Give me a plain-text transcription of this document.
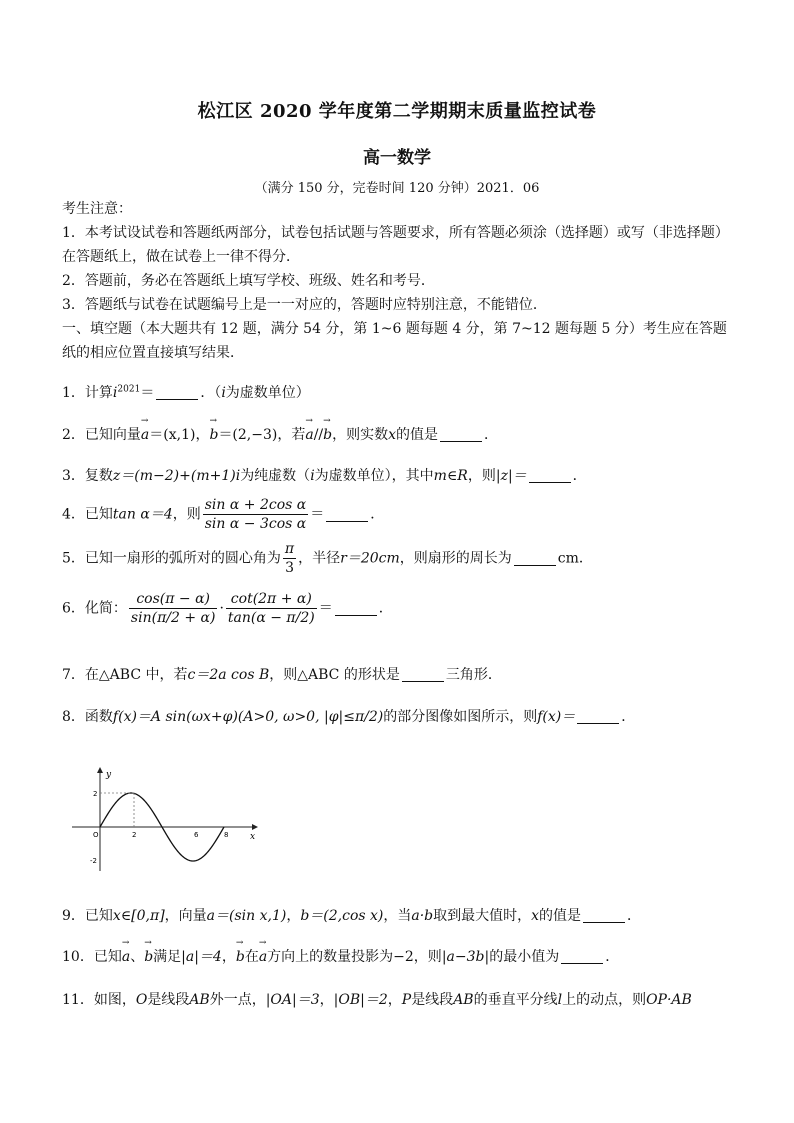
松江区 2020 学年度第二学期期末质量监控试卷
高一数学
（满分 150 分，完卷时间 120 分钟）2021．06
考生注意：
1．本考试设试卷和答题纸两部分，试卷包括试题与答题要求，所有答题必须涂（选择题）或写（非选择题）在答题纸上，做在试卷上一律不得分．
2．答题前，务必在答题纸上填写学校、班级、姓名和考号．
3．答题纸与试卷在试题编号上是一一对应的，答题时应特别注意，不能错位．
一、填空题（本大题共有 12 题，满分 54 分，第 1~6 题每题 4 分，第 7~12 题每题 5 分）考生应在答题纸的相应位置直接填写结果．
1．计算$i^{2021}=$	．（i为虚数单位）
2．已知向量→ a＝(x,1)，→ b＝(2,−3)，若→ a//→ b，则实数x的值是	．
3．复数z＝(m−2)+(m+1)i为纯虚数（i为虚数单位），其中m∈R，则|z|＝	．
4．已知tan α＝4，则 $\frac{\text{sin α + 2cos α}}{\text{sin α − 3cos α}}$ ＝	．
5．已知一扇形的弧所对的圆心角为 $\frac{\pi}{3}$ ，半径r＝20cm，则扇形的周长为	cm．
6．化简： $\frac{\cos(\pi - \alpha)}{\sin(\pi/2 + \alpha)} \cdot \frac{\cot(2\pi + \alpha)}{\tan(\alpha - \pi/2)}$ ＝	．
7．在△ABC 中，若c＝2a cos B，则△ABC 的形状是	三角形．
8．函数f(x)＝A sin(ωx+φ)(A>0, ω>0, |φ|≤π/2)的部分图像如图所示，则f(x)＝	．
y
x
2
-2
O	2	6	8
9．已知x∈[0,π]，向量a＝(sin x,1)，b＝(2,cos x)，当a·b取到最大值时，x的值是	．
10．已知→ a、→ b满足|a|＝4，→ b在→ a方向上的数量投影为−2，则|a−3b|的最小值为	．
11．如图，O是线段AB外一点，|OA|＝3，|OB|＝2，P是线段AB的垂直平分线l上的动点，则OP·AB
